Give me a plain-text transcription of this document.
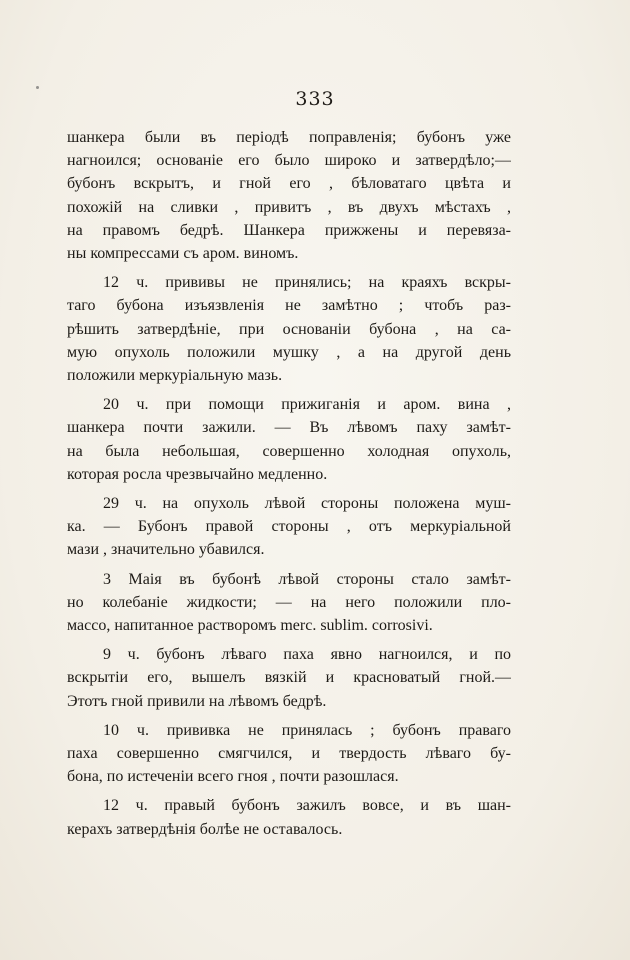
333
шанкера были въ періодѣ поправленія; бубонъ уже
нагноился; основаніе его было широко и затвердѣло;—
бубонъ вскрытъ, и гной его , бѣловатаго цвѣта и
похожій на сливки , привитъ , въ двухъ мѣстахъ ,
на правомъ бедрѣ. Шанкера прижжены и перевяза-
ны компрессами съ аром. виномъ.
12 ч. прививы не принялись; на краяхъ вскры-
таго бубона изъязвленія не замѣтно ; чтобъ раз-
рѣшить затвердѣніе, при основаніи бубона , на са-
мую опухоль положили мушку , а на другой день
положили меркуріальную мазь.
20 ч. при помощи прижиганія и аром. вина ,
шанкера почти зажили. — Въ лѣвомъ паху замѣт-
на была небольшая, совершенно холодная опухоль,
которая росла чрезвычайно медленно.
29 ч. на опухоль лѣвой стороны положена муш-
ка. — Бубонъ правой стороны , отъ меркуріальной
мази , значительно убавился.
3 Маія въ бубонѣ лѣвой стороны стало замѣт-
но колебаніе жидкости; — на него положили пло-
массо, напитанное растворомъ merc. sublim. corrosivi.
9 ч. бубонъ лѣваго паха явно нагноился, и по
вскрытіи его, вышелъ вязкій и красноватый гной.—
Этотъ гной привили на лѣвомъ бедрѣ.
10 ч. прививка не принялась ; бубонъ праваго
паха совершенно смягчился, и твердость лѣваго бу-
бона, по истеченіи всего гноя , почти разошлася.
12 ч. правый бубонъ зажилъ вовсе, и въ шан-
керахъ затвердѣнія болѣе не оставалось.
